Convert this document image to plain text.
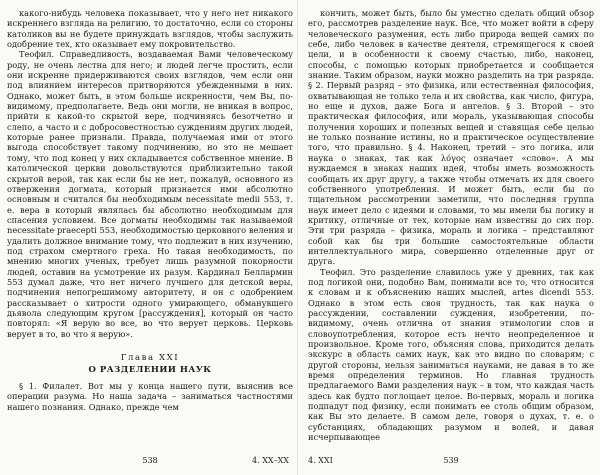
какого-нибудь человека показывает, что у него нет никакого искреннего взгляда на религию, то достаточно, если со стороны католиков вы не будете принуждать взглядов, чтобы заслужить одобрение тех, кто оказывает ему покровительство.

Теофил. Справедливость, воздаваемая Вами человеческому роду, не очень лестна для него; и людей легче простить, если они искренне придерживаются своих взглядов, чем если они под влиянием интересов притворяются убежденными в них. Однако, может быть, в этом больше искренности, чем Вы, по-видимому, предполагаете. Ведь они могли, не вникая в вопрос, прийти к какой-то скрытой вере, подчиняясь безотчетно и слепо, а часто и с добросовестностью суждениям других людей, которые ранее признали. Правда, получаемая ими от этого выгода способствует такому подчинению, но это не мешает тому, что под конец у них складывается собственное мнение. В католической церкви довольствуются приблизительно такой скрытой верой, так как если бы не нет, пожалуй, основного из отвержения догмата, который признается ими абсолютно основным и считался бы необходимым necessitate medii 553, т. е. вера в который являлась бы абсолютно необходимым для спасения условием. Все догматы необходимы так называемой necessitate praecepti 553, необходимостью церковного веления и удалить должное внимание тому, что подлежит в них изучению, под страхом смертного греха. Но такая необходимость, по мнению многих ученых, требует лишь разумной покорности людей, оставив на усмотрение их разум. Кардинал Беллармин 553 думал даже, что нет ничего лучшего для детской веры, подчинения непогрешимому авторитету, и он с одобрением рассказывает о хитрости одного умирающего, обманувшего дьявола следующим кругом [рассуждения], который он часто повторял: «Я верую во все, во что верует церковь. Церковь верует в то, во что я верую».

Глава XXI
О РАЗДЕЛЕНИИ НАУК

§ 1. Филалет. Вот мы у конца нашего пути, выяснив все операции разума. Но наша задача – заниматься частностями нашего познания. Однако, прежде чем

538	4. XX–XX

кончить, может быть, было бы уместно сделать общий обзор его, рассмотрев разделение наук. Все, что может войти в сферу человеческого разумения, есть либо природа вещей самих по себе, либо человек в качестве деятеля, стремящегося к своей цели, и в особенности к своему счастью, либо, наконец, способы, с помощью которых приобретается и сообщается знание. Таким образом, науки можно разделить на три разряда. § 2. Первый разряд – это физика, или естественная философия, охватывающая не только тела и их свойства, как число, фигура, но еще и духов, даже Бога и ангелов. § 3. Второй – это практическая философия, или мораль, указывающая способы получения хороших и полезных вещей и ставящая себе целью не только познание истины, но и практическое осуществление того, что правильно. § 4. Наконец, третий – это логика, или наука о знаках, так как λόγος означает «слово». А мы нуждаемся в знаках наших идей, чтобы иметь возможность сообщать их друг другу, а также чтобы отмечать их для своего собственного употребления. И может быть, если бы по тщательном рассмотрении заметили, что последняя группа наук имеет дело с идеями и словами, то мы имели бы логику и критику, отличные от тех, которые нам известны до сих пор. Эти три разряда – физика, мораль и логика – представляют собой как бы три большие самостоятельные области интеллектуального мира, совершенно отделенные друг от друга.

Теофил. Это разделение славилось уже у древних, так как под логикой они, подобно Вам, понимали все то, что относится к словам и к объяснению наших мыслей, artes dicendi 553. Однако в этом есть своя трудность, так как наука о рассуждении, составлении суждения, изобретении, по-видимому, очень отлична от знания этимологии слов и словоупотребления, которое есть нечто неопределенное и произвольное. Кроме того, объясняя слова, приходится делать экскурс в область самих наук, как это видно по словарям; с другой стороны, нельзя заниматься науками, не давая в то же время определения терминов. Но главная трудность предлагаемого Вами разделения наук – в том, что каждая часть здесь как будто поглощает целое. Во-первых, мораль и логика подпадут под физику, если понимать ее столь общим образом, как Вы это делаете. В самом деле, говоря о духах, т. е. о субстанциях, обладающих разумом и волей, и давая исчерпывающее

4. XXI	539
